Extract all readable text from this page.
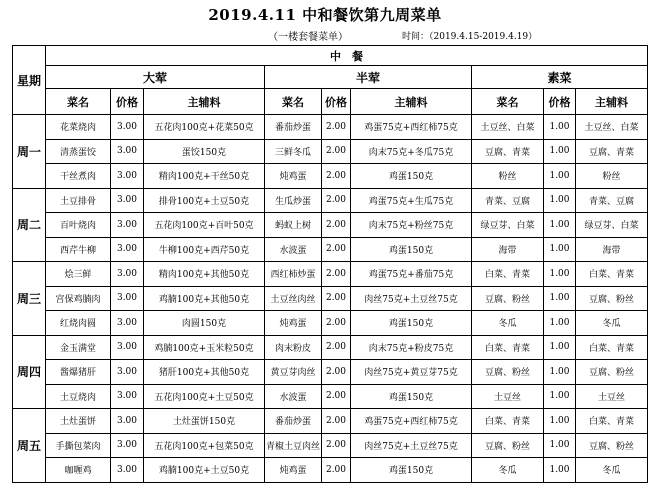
2019.4.11 中和餐饮第九周菜单
（一楼套餐菜单）	时间：（2019.4.15-2019.4.19）
星期	中　餐								
	大荤			半荤			素菜		
	菜名	价格	主辅料	菜名	价格	主辅料	菜名	价格	主辅料
周一	花菜烧肉	3.00	五花肉100克+花菜50克	番茄炒蛋	2.00	鸡蛋75克+西红柿75克	土豆丝、白菜	1.00	土豆丝、白菜
	清蒸蛋饺	3.00	蛋饺150克	三鲜冬瓜	2.00	肉末75克+冬瓜75克	豆腐、青菜	1.00	豆腐、青菜
	干丝煮肉	3.00	精肉100克+干丝50克	炖鸡蛋	2.00	鸡蛋150克	粉丝	1.00	粉丝
周二	土豆排骨	3.00	排骨100克+土豆50克	生瓜炒蛋	2.00	鸡蛋75克+生瓜75克	青菜、豆腐	1.00	青菜、豆腐
	百叶烧肉	3.00	五花肉100克+百叶50克	蚂蚁上树	2.00	肉末75克+粉丝75克	绿豆芽、白菜	1.00	绿豆芽、白菜
	西芹牛柳	3.00	牛柳100克+西芹50克	水波蛋	2.00	鸡蛋150克	海带	1.00	海带
周三	烩三鲜	3.00	精肉100克+其他50克	西红柿炒蛋	2.00	鸡蛋75克+番茄75克	白菜、青菜	1.00	白菜、青菜
	宫保鸡腩肉	3.00	鸡腩100克+其他50克	土豆丝肉丝	2.00	肉丝75克+土豆丝75克	豆腐、粉丝	1.00	豆腐、粉丝
	红烧肉圆	3.00	肉圆150克	炖鸡蛋	2.00	鸡蛋150克	冬瓜	1.00	冬瓜
周四	金玉满堂	3.00	鸡腩100克+玉米粒50克	肉末粉皮	2.00	肉末75克+粉皮75克	白菜、青菜	1.00	白菜、青菜
	酱爆猪肝	3.00	猪肝100克+其他50克	黄豆芽肉丝	2.00	肉丝75克+黄豆芽75克	豆腐、粉丝	1.00	豆腐、粉丝
	土豆烧肉	3.00	五花肉100克+土豆50克	水波蛋	2.00	鸡蛋150克	土豆丝	1.00	土豆丝
周五	土灶蛋饼	3.00	土灶蛋饼150克	番茄炒蛋	2.00	鸡蛋75克+西红柿75克	白菜、青菜	1.00	白菜、青菜
	手撕包菜肉	3.00	五花肉100克+包菜50克	青椒土豆肉丝	2.00	肉丝75克+土豆丝75克	豆腐、粉丝	1.00	豆腐、粉丝
	咖喱鸡	3.00	鸡腩100克+土豆50克	炖鸡蛋	2.00	鸡蛋150克	冬瓜	1.00	冬瓜
